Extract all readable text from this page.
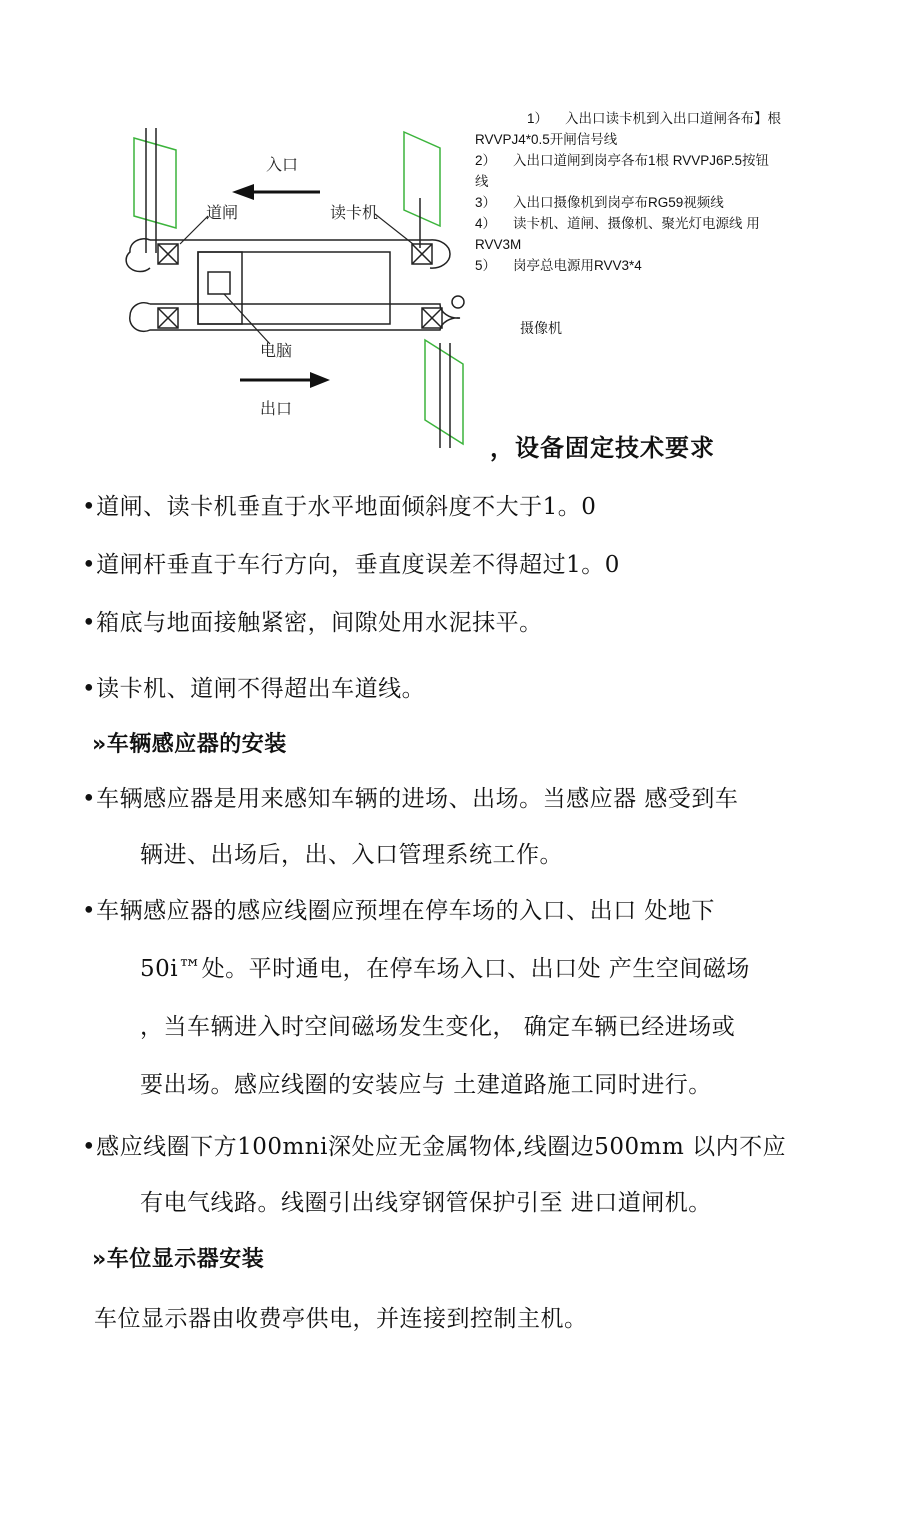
入口
道闸	读卡机
电脑
出口
1） 入出口读卡机到入出口道闸各布】根
RVVPJ4*0.5开闸信号线
2） 入出口道闸到岗亭各布1根 RVVPJ6P.5按钮
线
3） 入出口摄像机到岗亭布RG59视频线
4） 读卡机、道闸、摄像机、聚光灯电源线 用
RVV3M
5） 岗亭总电源用RVV3*4
摄像机
，设备固定技术要求
•道闸、读卡机垂直于水平地面倾斜度不大于1。0
•道闸杆垂直于车行方向，垂直度误差不得超过1。0
•箱底与地面接触紧密，间隙处用水泥抹平。
•读卡机、道闸不得超出车道线。
»车辆感应器的安装
•车辆感应器是用来感知车辆的进场、出场。当感应器 感受到车
辆进、出场后，出、入口管理系统工作。
•车辆感应器的感应线圈应预埋在停车场的入口、出口 处地下
50i™处。平时通电，在停车场入口、出口处 产生空间磁场
，当车辆进入时空间磁场发生变化， 确定车辆已经进场或
要出场。感应线圈的安装应与 土建道路施工同时进行。
•感应线圈下方100mni深处应无金属物体,线圈边500mm 以内不应
有电气线路。线圈引出线穿钢管保护引至 进口道闸机。
»车位显示器安装
车位显示器由收费亭供电，并连接到控制主机。
